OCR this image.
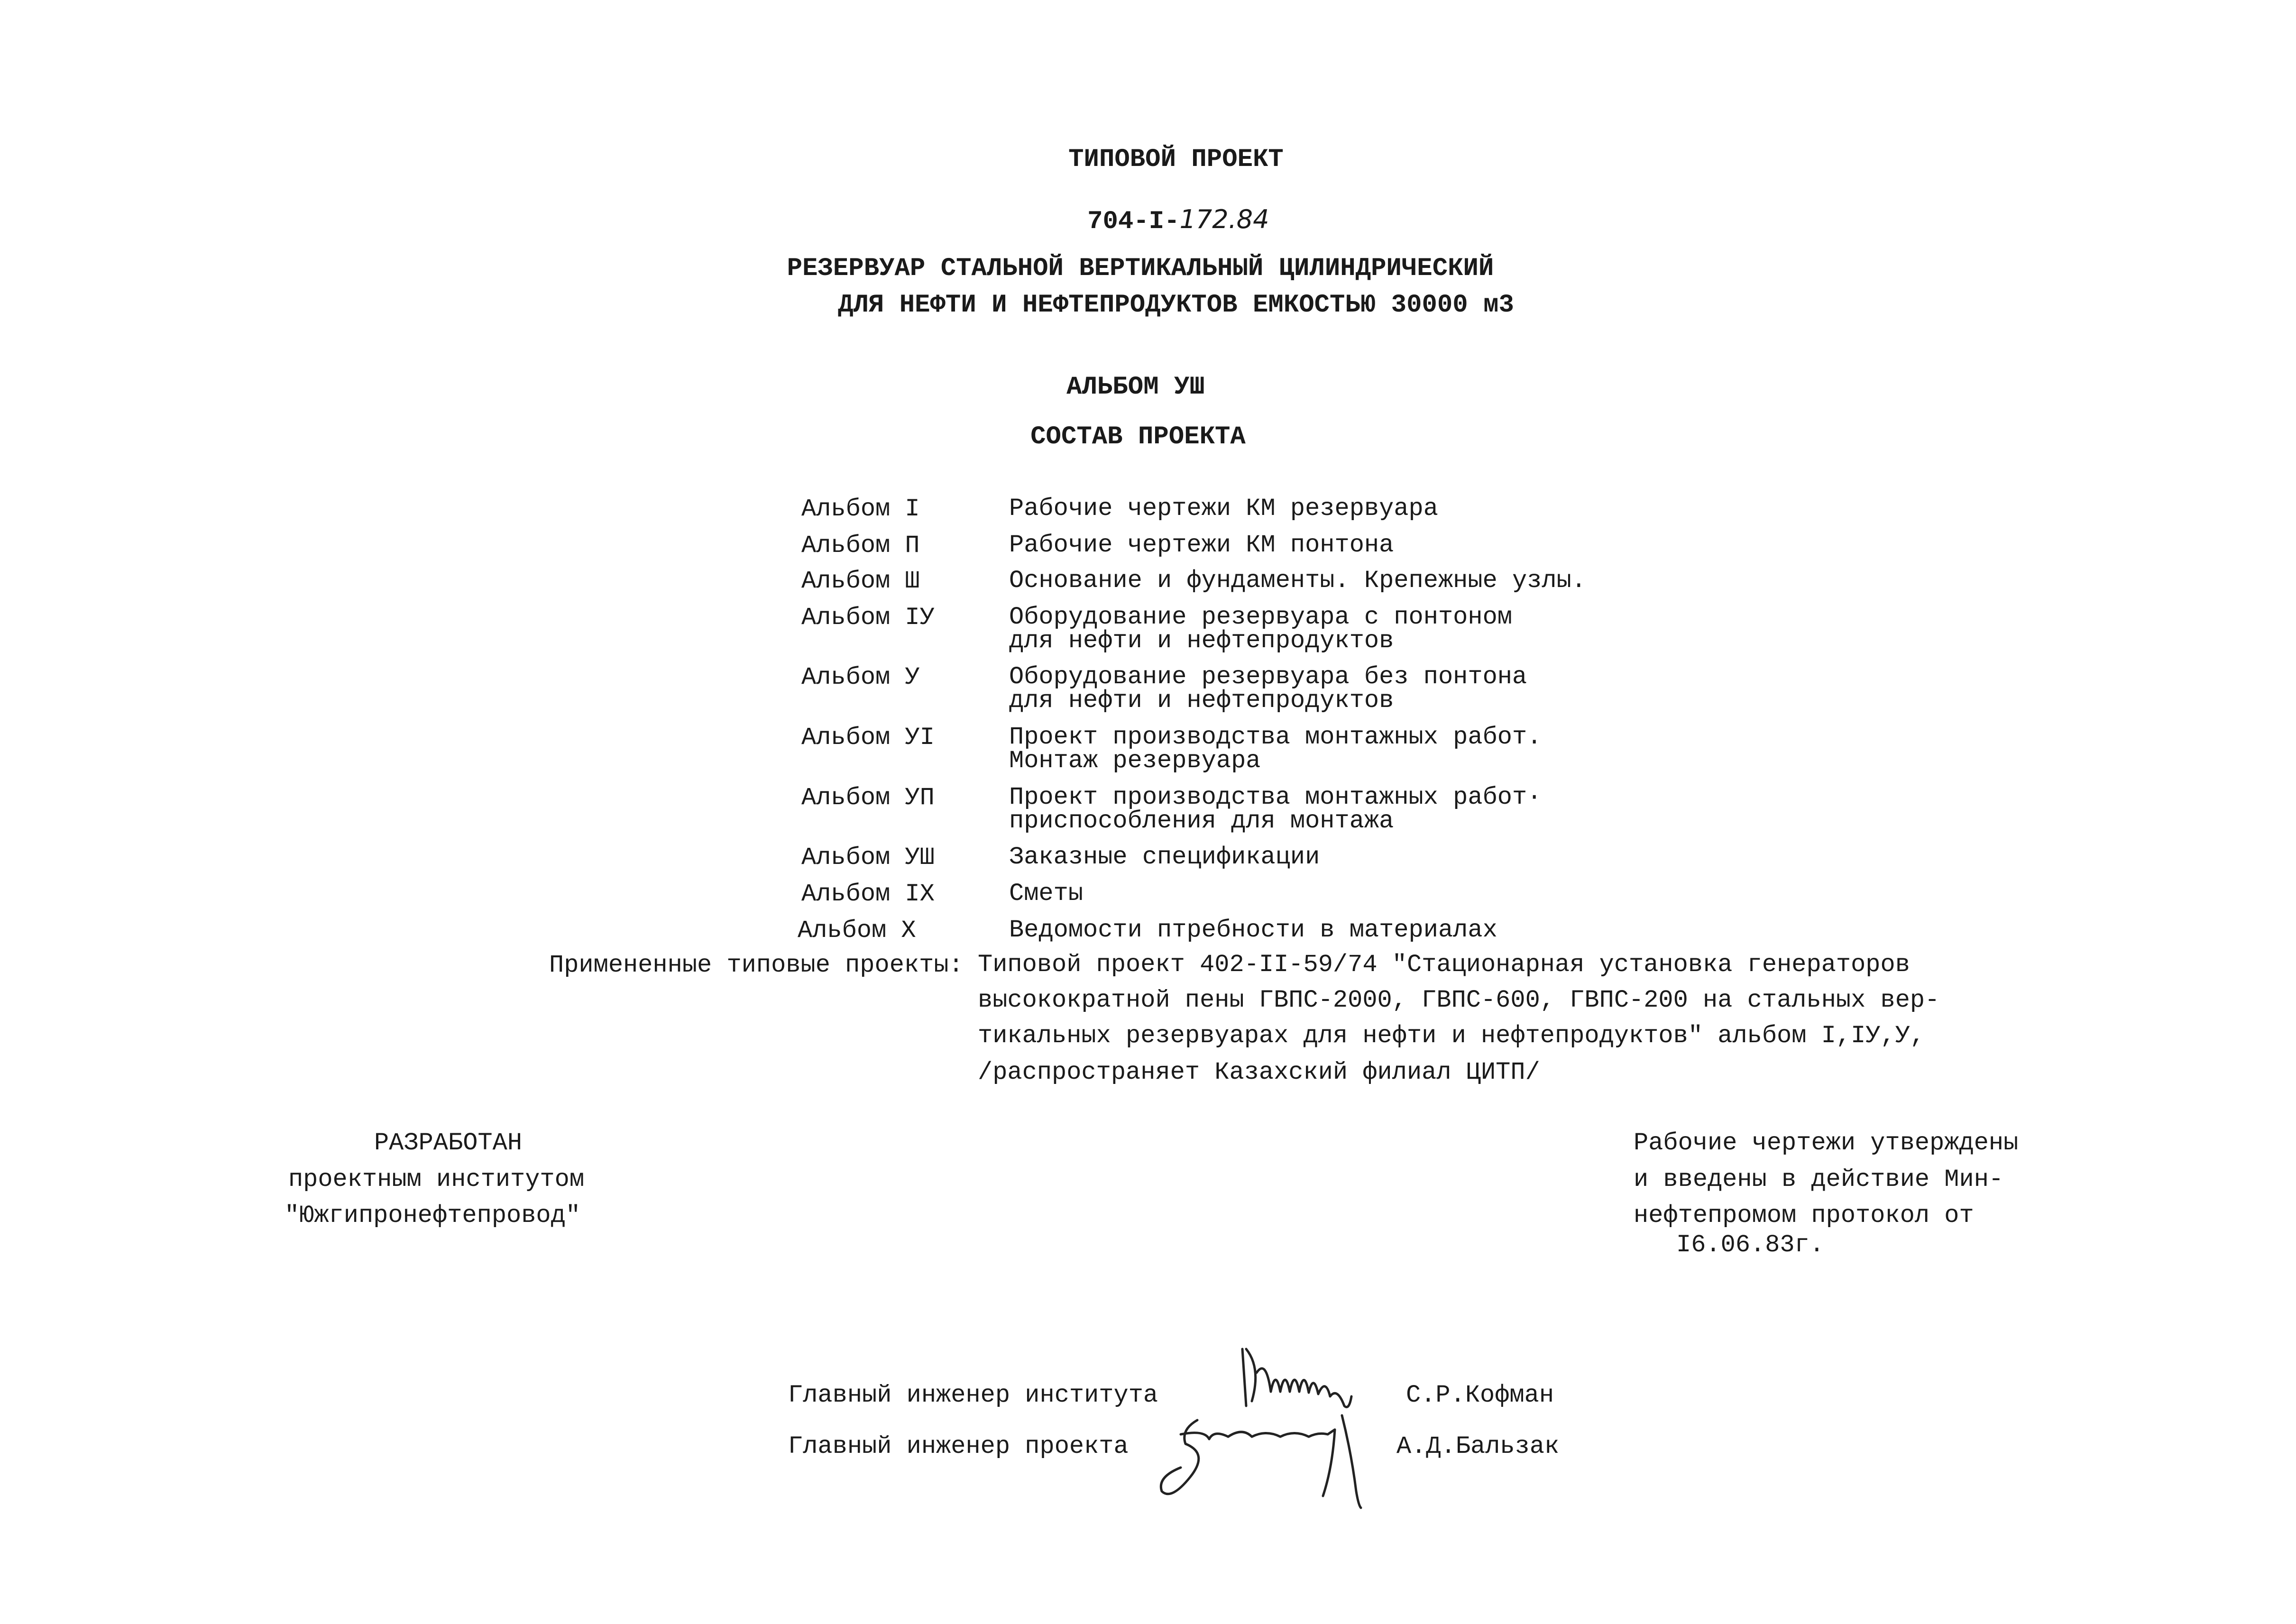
ТИПОВОЙ ПРОЕКТ

704-I-172.84

РЕЗЕРВУАР СТАЛЬНОЙ ВЕРТИКАЛЬНЫЙ ЦИЛИНДРИЧЕСКИЙ
ДЛЯ НЕФТИ И НЕФТЕПРОДУКТОВ ЕМКОСТЬЮ 30000 м3
АЛЬБОМ УШ
СОСТАВ ПРОЕКТА
Альбом I	Рабочие чертежи КМ резервуара
Альбом П	Рабочие чертежи КМ понтона
Альбом Ш	Основание и фундаменты. Крепежные узлы.
Альбом IУ	Оборудование резервуара с понтоном
для нефти и нефтепродуктов
Альбом У	Оборудование резервуара без понтона
для нефти и нефтепродуктов
Альбом УI	Проект производства монтажных работ.
Монтаж резервуара
Альбом УП	Проект производства монтажных работ·
приспособления для монтажа
Альбом УШ	Заказные спецификации
Альбом IX	Сметы
Альбом X	Ведомости птребности в материалах
Примененные типовые проекты: Типовой проект 402-II-59/74 "Стационарная установка генераторов
высокократной пены ГВПС-2000, ГВПС-600, ГВПС-200 на стальных вер-
тикальных резервуарах для нефти и нефтепродуктов" альбом I,IУ,У,
/распространяет Казахский филиал ЦИТП/
РАЗРАБОТАН
проектным институтом
"Южгипронефтепровод"
Рабочие чертежи утверждены
и введены в действие Мин-
нефтепромом протокол от
I6.06.83г.
Главный инженер института	С.Р.Кофман
Главный инженер проекта	А.Д.Бальзак
